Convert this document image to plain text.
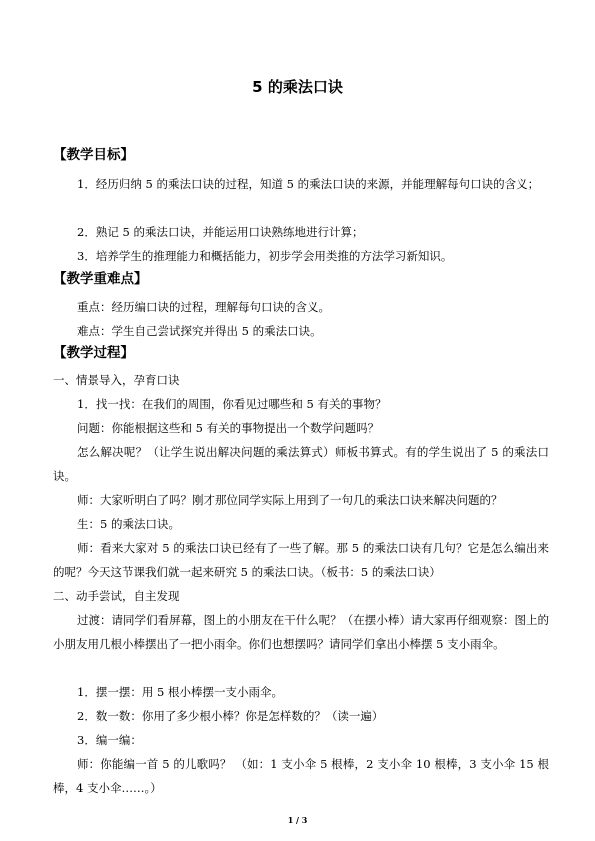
5 的乘法口诀
【教学目标】
1．经历归纳 5 的乘法口诀的过程，知道 5 的乘法口诀的来源，并能理解每句口诀的含义；
2．熟记 5 的乘法口诀，并能运用口诀熟练地进行计算；
3．培养学生的推理能力和概括能力，初步学会用类推的方法学习新知识。
【教学重难点】
重点：经历编口诀的过程，理解每句口诀的含义。
难点：学生自己尝试探究并得出 5 的乘法口诀。
【教学过程】
一、情景导入，孕育口诀
1．找一找：在我们的周围，你看见过哪些和 5 有关的事物？
问题：你能根据这些和 5 有关的事物提出一个数学问题吗？
怎么解决呢？（让学生说出解决问题的乘法算式）师板书算式。有的学生说出了 5 的乘法口诀。
师：大家听明白了吗？刚才那位同学实际上用到了一句几的乘法口诀来解决问题的？
生：5 的乘法口诀。
师：看来大家对 5 的乘法口诀已经有了一些了解。那 5 的乘法口诀有几句？它是怎么编出来的呢？今天这节课我们就一起来研究 5 的乘法口诀。（板书：5 的乘法口诀）
二、动手尝试，自主发现
过渡：请同学们看屏幕，图上的小朋友在干什么呢？（在摆小棒）请大家再仔细观察：图上的小朋友用几根小棒摆出了一把小雨伞。你们也想摆吗？请同学们拿出小棒摆 5 支小雨伞。
1．摆一摆：用 5 根小棒摆一支小雨伞。
2．数一数：你用了多少根小棒？你是怎样数的？（读一遍）
3．编一编：
师：你能编一首 5 的儿歌吗？ （如：1 支小伞 5 根棒，2 支小伞 10 根棒，3 支小伞 15 根棒，4 支小伞……。）
1 / 3
